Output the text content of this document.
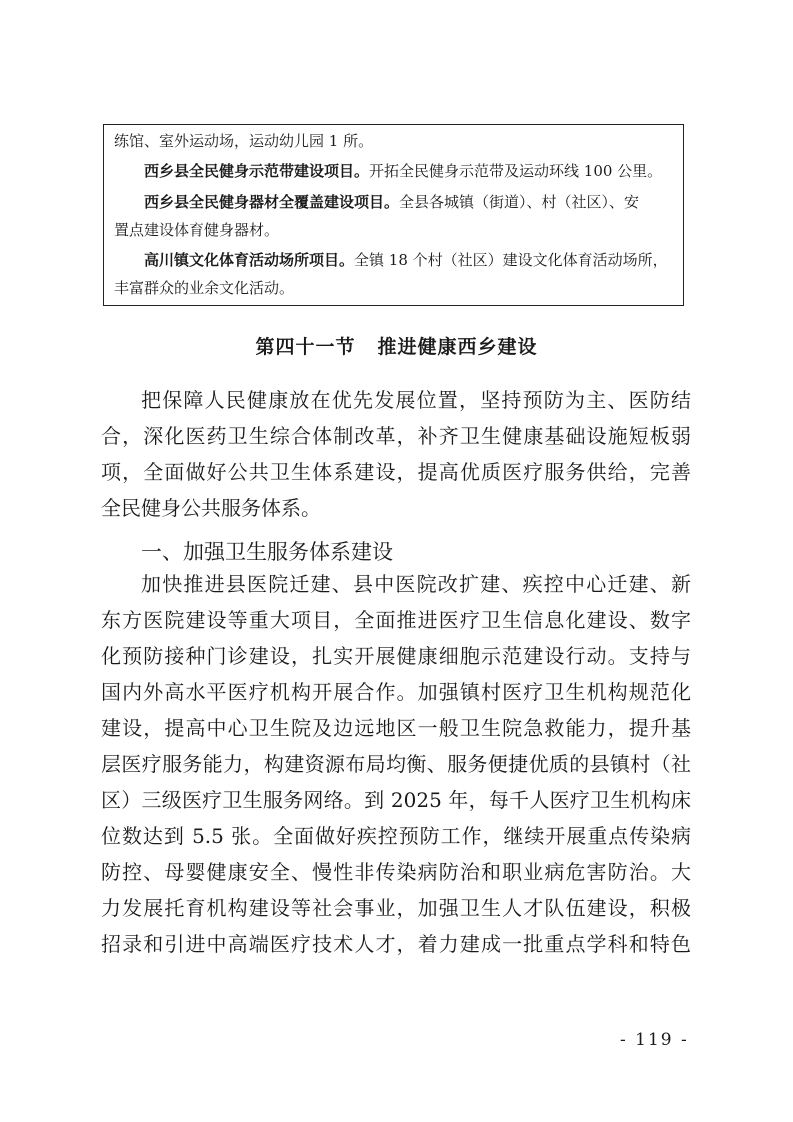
练馆、室外运动场，运动幼儿园 1 所。

西乡县全民健身示范带建设项目。开拓全民健身示范带及运动环线 100 公里。

西乡县全民健身器材全覆盖建设项目。全县各城镇（街道）、村（社区）、安

置点建设体育健身器材。

高川镇文化体育活动场所项目。全镇 18 个村（社区）建设文化体育活动场所，

丰富群众的业余文化活动。

第四十一节 推进健康西乡建设
把保障人民健康放在优先发展位置，坚持预防为主、医防结
合，深化医药卫生综合体制改革，补齐卫生健康基础设施短板弱
项，全面做好公共卫生体系建设，提高优质医疗服务供给，完善
全民健身公共服务体系。
一、加强卫生服务体系建设
加快推进县医院迁建、县中医院改扩建、疾控中心迁建、新
东方医院建设等重大项目，全面推进医疗卫生信息化建设、数字
化预防接种门诊建设，扎实开展健康细胞示范建设行动。支持与
国内外高水平医疗机构开展合作。加强镇村医疗卫生机构规范化
建设，提高中心卫生院及边远地区一般卫生院急救能力，提升基
层医疗服务能力，构建资源布局均衡、服务便捷优质的县镇村（社
区）三级医疗卫生服务网络。到 2025 年，每千人医疗卫生机构床
位数达到 5.5 张。全面做好疾控预防工作，继续开展重点传染病
防控、母婴健康安全、慢性非传染病防治和职业病危害防治。大
力发展托育机构建设等社会事业，加强卫生人才队伍建设，积极
招录和引进中高端医疗技术人才，着力建成一批重点学科和特色
- 119 -
